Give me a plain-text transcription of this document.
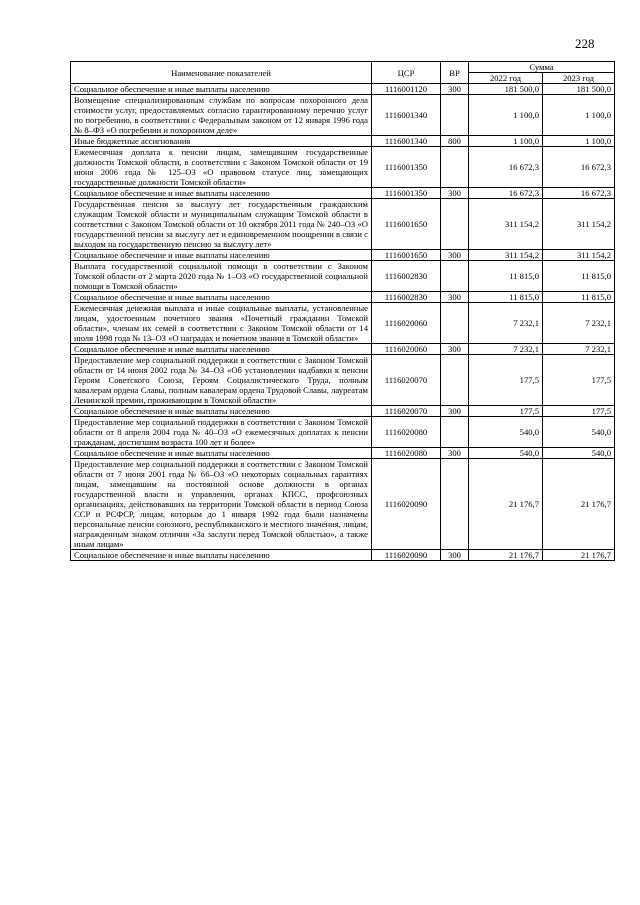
228
Наименование показателей	ЦСР	ВР	Сумма	
			2022 год	2023 год
Социальное обеспечение и иные выплаты населению	1116001120	300	181 500,0	181 500,0
Возмещение специализированным службам по вопросам похоронного дела стоимости услуг, предоставляемых согласно гарантированному перечню услуг по погребению, в соответствии с Федеральным законом от 12 января 1996 года № 8–ФЗ «О погребении и похоронном деле»	1116001340		1 100,0	1 100,0
Иные бюджетные ассигнования	1116001340	800	1 100,0	1 100,0
Ежемесячная доплата к пенсии лицам, замещавшим государственные должности Томской области, в соответствии с Законом Томской области от 19 июня 2006 года № 125–ОЗ «О правовом статусе лиц, замещающих государственные должности Томской области»	1116001350		16 672,3	16 672,3
Социальное обеспечение и иные выплаты населению	1116001350	300	16 672,3	16 672,3
Государственная пенсия за выслугу лет государственным гражданским служащим Томской области и муниципальным служащим Томской области в соответствии с Законом Томской области от 10 октября 2011 года № 240–ОЗ «О государственной пенсии за выслугу лет и единовременном поощрении в связи с выходом на государственную пенсию за выслугу лет»	1116001650		311 154,2	311 154,2
Социальное обеспечение и иные выплаты населению	1116001650	300	311 154,2	311 154,2
Выплата государственной социальной помощи в соответствии с Законом Томской области от 2 марта 2020 года № 1–ОЗ «О государственной социальной помощи в Томской области»	1116002830		11 815,0	11 815,0
Социальное обеспечение и иные выплаты населению	1116002830	300	11 815,0	11 815,0
Ежемесячная денежная выплата и иные социальные выплаты, установленные лицам, удостоенным почетного звания «Почетный гражданин Томской области», членам их семей в соответствии с Законом Томской области от 14 июля 1998 года № 13–ОЗ «О наградах и почетном звании в Томской области»	1116020060		7 232,1	7 232,1
Социальное обеспечение и иные выплаты населению	1116020060	300	7 232,1	7 232,1
Предоставление мер социальной поддержки в соответствии с Законом Томской области от 14 июня 2002 года № 34–ОЗ «Об установлении надбавки к пенсии Героям Советского Союза, Героям Социалистического Труда, полным кавалерам ордена Славы, полным кавалерам ордена Трудовой Славы, лауреатам Ленинской премии, проживающим в Томской области»	1116020070		177,5	177,5
Социальное обеспечение и иные выплаты населению	1116020070	300	177,5	177,5
Предоставление мер социальной поддержки в соответствии с Законом Томской области от 8 апреля 2004 года № 40–ОЗ «О ежемесячных доплатах к пенсии гражданам, достигшим возраста 100 лет и более»	1116020080		540,0	540,0
Социальное обеспечение и иные выплаты населению	1116020080	300	540,0	540,0
Предоставление мер социальной поддержки в соответствии с Законом Томской области от 7 июня 2001 года № 66–ОЗ «О некоторых социальных гарантиях лицам, замещавшим на постоянной основе должности в органах государственной власти и управления, органах КПСС, профсоюзных организациях, действовавших на территории Томской области в период Союза ССР и РСФСР, лицам, которым до 1 января 1992 года были назначены персональные пенсии союзного, республиканского и местного значения, лицам, награжденным знаком отличия «За заслуги перед Томской областью», а также иным лицам»	1116020090		21 176,7	21 176,7
Социальное обеспечение и иные выплаты населению	1116020090	300	21 176,7	21 176,7
